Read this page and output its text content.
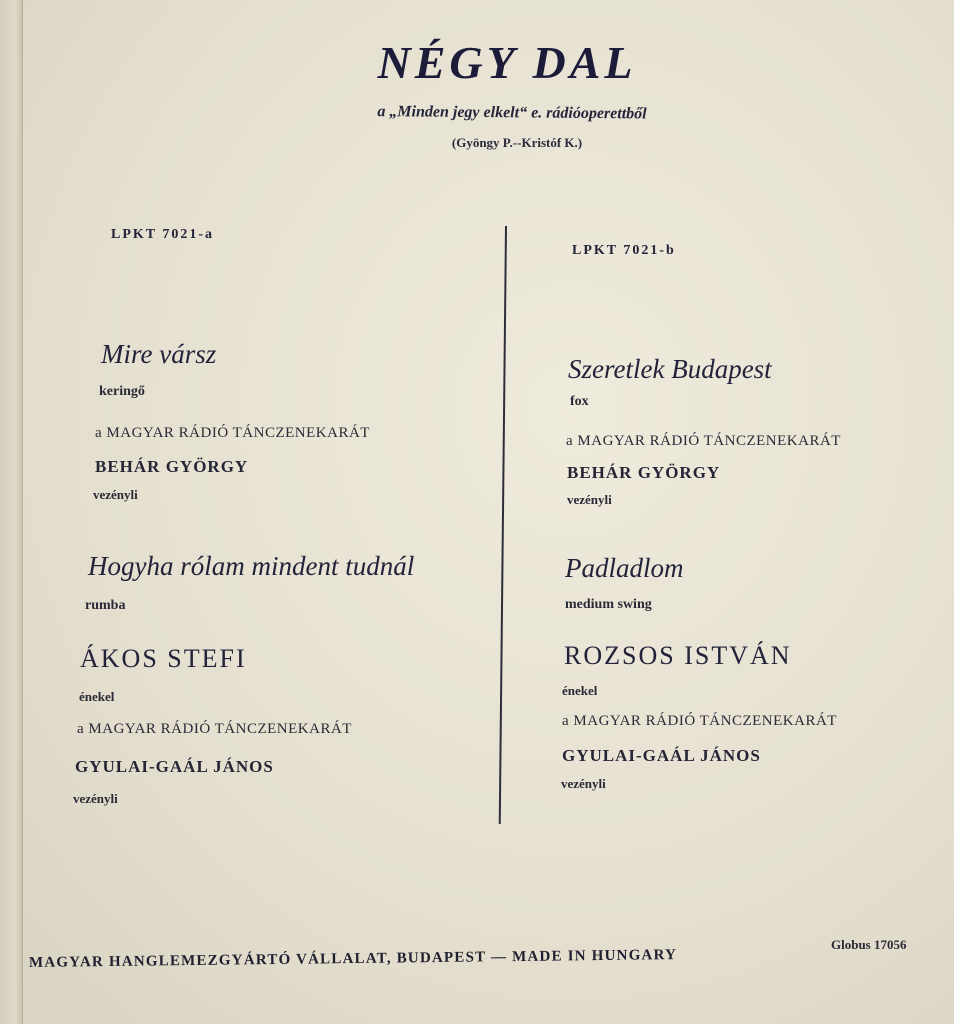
NÉGY DAL
a „Minden jegy elkelt“ e. rádióoperettből
(Gyöngy P.--Kristóf K.)
LPKT 7021-a
LPKT 7021-b
Mire vársz
keringő
a MAGYAR RÁDIÓ TÁNCZENEKARÁT
BEHÁR GYÖRGY
vezényli
Hogyha rólam mindent tudnál
rumba
ÁKOS STEFI
énekel
a MAGYAR RÁDIÓ TÁNCZENEKARÁT
GYULAI-GAÁL JÁNOS
vezényli
Szeretlek Budapest
fox
a MAGYAR RÁDIÓ TÁNCZENEKARÁT
BEHÁR GYÖRGY
vezényli
Padladlom
medium swing
ROZSOS ISTVÁN
énekel
a MAGYAR RÁDIÓ TÁNCZENEKARÁT
GYULAI-GAÁL JÁNOS
vezényli
MAGYAR HANGLEMEZGYÁRTÓ VÁLLALAT, BUDAPEST — MADE IN HUNGARY
Globus 17056
